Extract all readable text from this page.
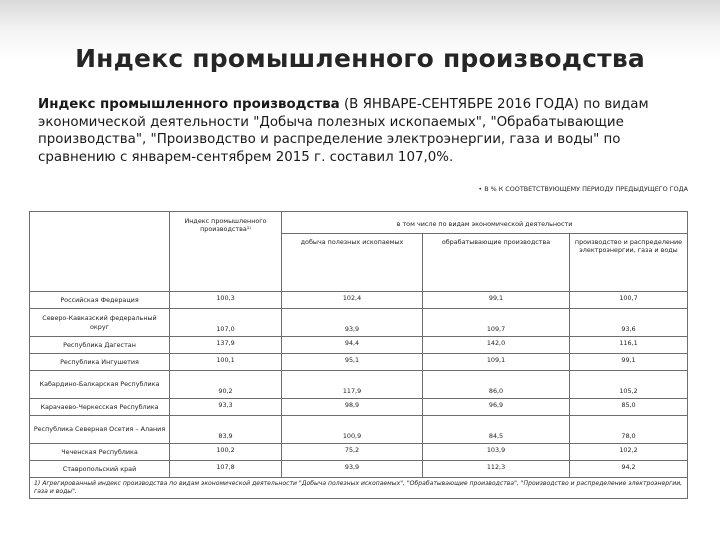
Индекс промышленного производства
Индекс промышленного производства (В ЯНВАРЕ-СЕНТЯБРЕ 2016 ГОДА) по видам экономической деятельности "Добыча полезных ископаемых", "Обрабатывающие производства", "Производство и распределение электроэнергии, газа и воды" по сравнению с январем-сентябрем 2015 г. составил 107,0%.
• В % К СООТВЕТСТВУЮЩЕМУ ПЕРИОДУ ПРЕДЫДУЩЕГО ГОДА
	Индекс промышленного производства¹⁾	в том числе по видам экономической деятельности		
		добыча полезных ископаемых	обрабатывающие производства	производство и распределение электроэнергии, газа и воды
Российская Федерация	100,3	102,4	99,1	100,7
Северо-Кавказский федеральный округ	107,0	93,9	109,7	93,6
Республика Дагестан	137,9	94,4	142,0	116,1
Республика Ингушетия	100,1	95,1	109,1	99,1
Кабардино-Балкарская Республика	90,2	117,9	86,0	105,2
Карачаево-Черкесская Республика	93,3	98,9	96,9	85,0
Республика Северная Осетия – Алания	83,9	100,9	84,5	78,0
Чеченская Республика	100,2	75,2	103,9	102,2
Ставропольский край	107,8	93,9	112,3	94,2
1) Агрегированный индекс производства по видам экономической деятельности "Добыча полезных ископаемых", "Обрабатывающие производства", "Производство и распределение электроэнергии, газа и воды".				
